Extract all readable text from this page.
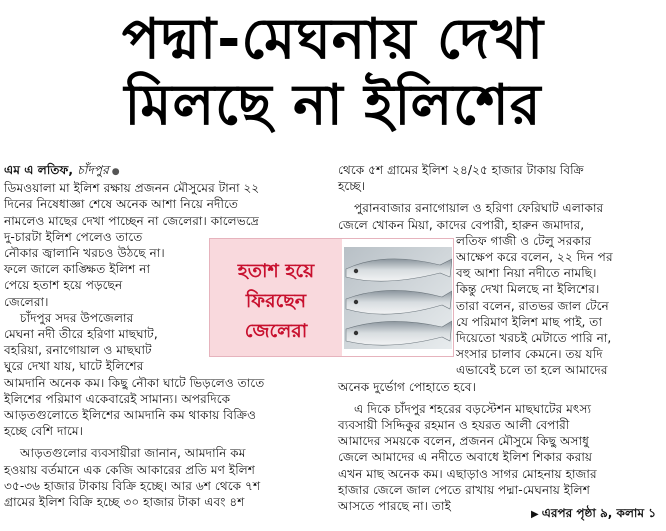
পদ্মা-মেঘনায় দেখা
মিলছে না ইলিশের
এম এ লতিফ, চাঁদপুর ●
ডিমওয়ালা মা ইলিশ রক্ষায় প্রজনন মৌসুমের টানা ২২
দিনের নিষেধাজ্ঞা শেষে অনেক আশা নিয়ে নদীতে
নামলেও মাছের দেখা পাচ্ছেন না জেলেরা। কালেভদ্রে
দু-চারটা ইলিশ পেলেও তাতে
নৌকার জ্বালানি খরচও উঠছে না।
ফলে জালে কাঙ্ক্ষিত ইলিশ না
পেয়ে হতাশ হয়ে পড়ছেন
জেলেরা।
চাঁদপুর সদর উপজেলার
মেঘনা নদী তীরে হরিণা মাছঘাট,
বহরিয়া, রনাগোয়াল ও মাছঘাট
ঘুরে দেখা যায়, ঘাটে ইলিশের
আমদানি অনেক কম। কিছু নৌকা ঘাটে ভিড়লেও তাতে
ইলিশের পরিমাণ একেবারেই সামান্য। অপরদিকে
আড়তগুলোতে ইলিশের আমদানি কম থাকায় বিক্রিও
হচ্ছে বেশি দামে।
আড়তগুলোর ব্যবসায়ীরা জানান, আমদানি কম
হওয়ায় বর্তমানে এক কেজি আকারের প্রতি মণ ইলিশ
৩৫-৩৬ হাজার টাকায় বিক্রি হচ্ছে। আর ৬শ থেকে ৭শ
গ্রামের ইলিশ বিক্রি হচ্ছে ৩০ হাজার টাকা এবং ৪শ
থেকে ৫শ গ্রামের ইলিশ ২৪/২৫ হাজার টাকায় বিক্রি
হচ্ছে।
পুরানবাজার রনাগোয়াল ও হরিণা ফেরিঘাট এলাকার
জেলে খোকন মিয়া, কাদের বেপারী, হারুন জমাদার,
লতিফ গাজী ও টেলু সরকার
আক্ষেপ করে বলেন, ২২ দিন পর
বহু আশা নিয়া নদীতে নামছি।
কিন্তু দেখা মিলছে না ইলিশের।
তারা বলেন, রাতভর জাল টেনে
যে পরিমাণ ইলিশ মাছ পাই, তা
দিয়েতো খরচই মেটাতে পারি না,
সংসার চালাব কেমনে। তয় যদি
এভাবেই চলে তা হলে আমাদের
অনেক দুর্ভোগ পোহাতে হবে।
এ দিকে চাঁদপুর শহরের বড়স্টেশন মাছঘাটের মৎস্য
ব্যবসায়ী সিদ্দিকুর রহমান ও হযরত আলী বেপারী
আমাদের সময়কে বলেন, প্রজনন মৌসুমে কিছু অসাধু
জেলে আমাদের এ নদীতে অবাধে ইলিশ শিকার করায়
এখন মাছ অনেক কম। এছাড়াও সাগর মোহনায় হাজার
হাজার জেলে জাল পেতে রাখায় পদ্মা-মেঘনায় ইলিশ
আসতে পারছে না। তাই
হতাশ হয়ে
ফিরছেন
জেলেরা
▶ এরপর পৃষ্ঠা ৯, কলাম ১
